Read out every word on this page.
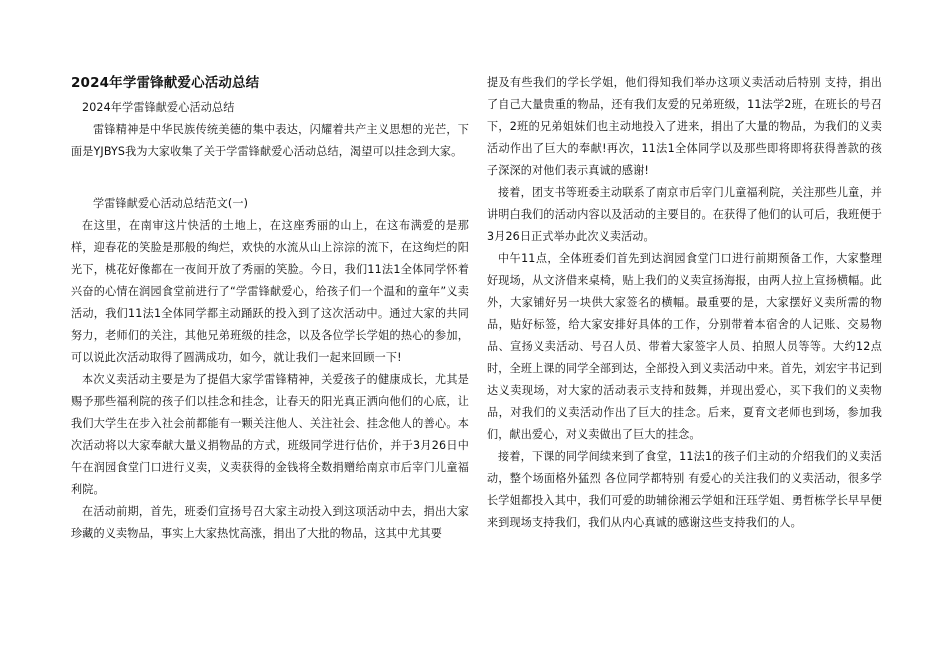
2024年学雷锋献爱心活动总结

2024年学雷锋献爱心活动总结

雷锋精神是中华民族传统美德的集中表达，闪耀着共产主义思想的光芒，下面是YJBYS我为大家收集了关于学雷锋献爱心活动总结，渴望可以挂念到大家。

学雷锋献爱心活动总结范文(一)

在这里，在南审这片快活的土地上，在这座秀丽的山上，在这布满爱的是那样，迎春花的笑脸是那般的绚烂，欢快的水流从山上淙淙的流下，在这绚烂的阳光下，桃花好像都在一夜间开放了秀丽的笑脸。今日，我们11法1全体同学怀着兴奋的心情在润园食堂前进行了“学雷锋献爱心，给孩子们一个温和的童年”义卖活动，我们11法1全体同学都主动踊跃的投入到了这次活动中。通过大家的共同努力，老师们的关注，其他兄弟班级的挂念，以及各位学长学姐的热心的参加，可以说此次活动取得了圆满成功，如今，就让我们一起来回顾一下!

本次义卖活动主要是为了提倡大家学雷锋精神，关爱孩子的健康成长，尤其是赐予那些福利院的孩子们以挂念和挂念，让春天的阳光真正洒向他们的心底，让我们大学生在步入社会前都能有一颗关注他人、关注社会、挂念他人的善心。本次活动将以大家奉献大量义捐物品的方式，班级同学进行估价，并于3月26日中午在润园食堂门口进行义卖，义卖获得的金钱将全数捐赠给南京市后宰门儿童福利院。

在活动前期，首先，班委们宣扬号召大家主动投入到这项活动中去，捐出大家珍藏的义卖物品，事实上大家热忱高涨，捐出了大批的物品，这其中尤其要

提及有些我们的学长学姐，他们得知我们举办这项义卖活动后特别 支持，捐出了自己大量贵重的物品，还有我们友爱的兄弟班级，11法学2班，在班长的号召下，2班的兄弟姐妹们也主动地投入了进来，捐出了大量的物品，为我们的义卖活动作出了巨大的奉献!再次，11法1全体同学以及那些即将即将获得善款的孩子深深的对他们表示真诚的感谢!

接着，团支书等班委主动联系了南京市后宰门儿童福利院，关注那些儿童，并讲明白我们的活动内容以及活动的主要目的。在获得了他们的认可后，我班便于3月26日正式举办此次义卖活动。

中午11点，全体班委们首先到达润园食堂门口进行前期预备工作，大家整理好现场，从文济借来桌椅，贴上我们的义卖宣扬海报，由两人拉上宣扬横幅。此外，大家铺好另一块供大家签名的横幅。最重要的是，大家摆好义卖所需的物品，贴好标签，给大家安排好具体的工作，分别带着本宿舍的人记账、交易物品、宣扬义卖活动、号召人员、带着大家签字人员、拍照人员等等。大约12点时，全班上课的同学全部到达，全部投入到义卖活动中来。首先，刘宏宇书记到达义卖现场，对大家的活动表示支持和鼓舞，并现出爱心，买下我们的义卖物品，对我们的义卖活动作出了巨大的挂念。后来，夏育文老师也到场，参加我们，献出爱心，对义卖做出了巨大的挂念。

接着，下课的同学间续来到了食堂，11法1的孩子们主动的介绍我们的义卖活动，整个场面格外猛烈 各位同学都特别 有爱心的关注我们的义卖活动，很多学长学姐都投入其中，我们可爱的助辅徐湘云学姐和汪珏学姐、勇哲栋学长早早便来到现场支持我们，我们从内心真诚的感谢这些支持我们的人。
